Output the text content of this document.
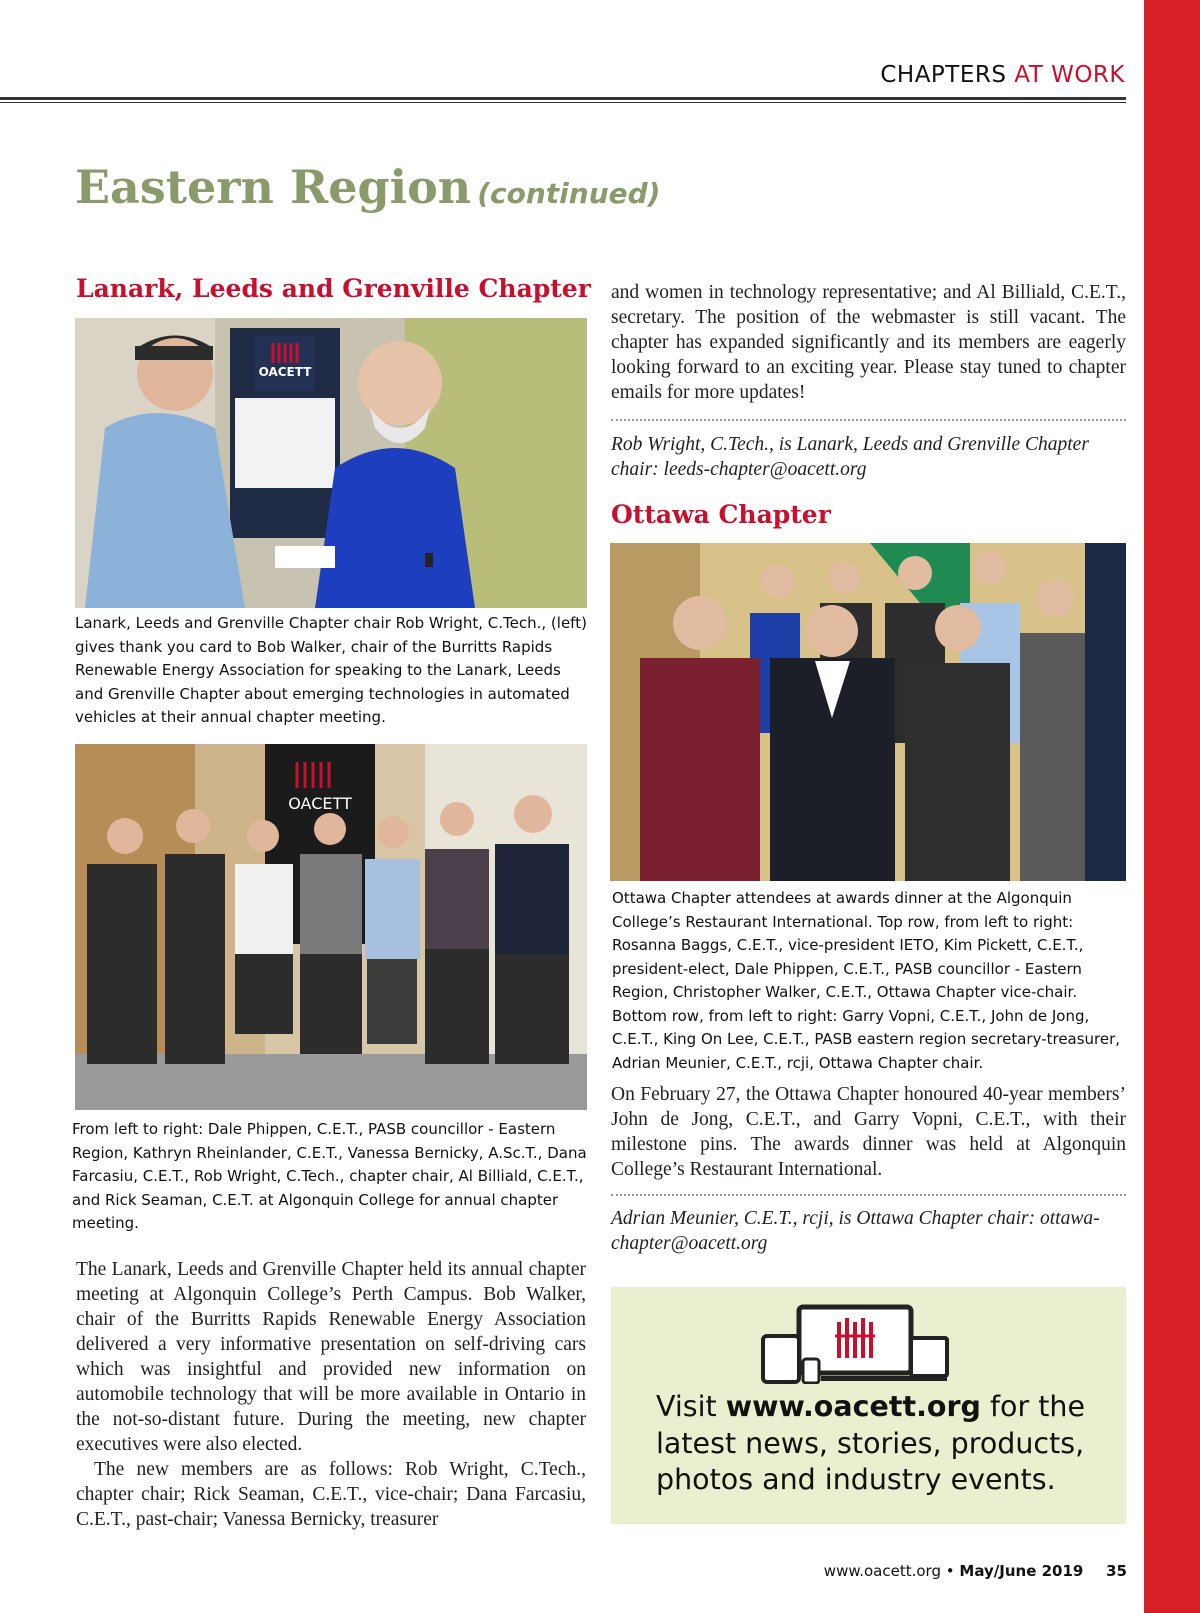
CHAPTERS AT WORK
Eastern Region (continued)
Lanark, Leeds and Grenville Chapter
OACETT

Lanark, Leeds and Grenville Chapter chair Rob Wright, C.Tech., (left) gives thank you card to Bob Walker, chair of the Burritts Rapids Renewable Energy Association for speaking to the Lanark, Leeds and Grenville Chapter about emerging technologies in automated vehicles at their annual chapter meeting.

OACETT

From left to right: Dale Phippen, C.E.T., PASB councillor - Eastern Region, Kathryn Rheinlander, C.E.T., Vanessa Bernicky, A.Sc.T., Dana Farcasiu, C.E.T., Rob Wright, C.Tech., chapter chair, Al Billiald, C.E.T., and Rick Seaman, C.E.T. at Algonquin College for annual chapter meeting.

The Lanark, Leeds and Grenville Chapter held its annual chapter meeting at Algonquin College’s Perth Campus. Bob Walker, chair of the Burritts Rapids Renewable Energy Association delivered a very informative presentation on self-driving cars which was insightful and provided new information on automobile technology that will be more available in Ontario in the not-so-distant future. During the meeting, new chapter executives were also elected.
The new members are as follows: Rob Wright, C.Tech., chapter chair; Rick Seaman, C.E.T., vice-chair; Dana Farcasiu, C.E.T., past-chair; Vanessa Bernicky, treasurer

and women in technology representative; and Al Billiald, C.E.T., secretary. The position of the webmaster is still vacant. The chapter has expanded significantly and its members are eagerly looking forward to an exciting year. Please stay tuned to chapter emails for more updates!

Rob Wright, C.Tech., is Lanark, Leeds and Grenville Chapter chair: leeds-chapter@oacett.org

Ottawa Chapter

Ottawa Chapter attendees at awards dinner at the Algonquin College’s Restaurant International. Top row, from left to right: Rosanna Baggs, C.E.T., vice-president IETO, Kim Pickett, C.E.T., president-elect, Dale Phippen, C.E.T., PASB councillor - Eastern Region, Christopher Walker, C.E.T., Ottawa Chapter vice-chair. Bottom row, from left to right: Garry Vopni, C.E.T., John de Jong, C.E.T., King On Lee, C.E.T., PASB eastern region secretary-treasurer, Adrian Meunier, C.E.T., rcji, Ottawa Chapter chair.

On February 27, the Ottawa Chapter honoured 40-year members’ John de Jong, C.E.T., and Garry Vopni, C.E.T., with their milestone pins. The awards dinner was held at Algonquin College’s Restaurant International.

Adrian Meunier, C.E.T., rcji, is Ottawa Chapter chair: ottawa-chapter@oacett.org

Visit www.oacett.org for the latest news, stories, products, photos and industry events.

www.oacett.org • May/June 2019 35
